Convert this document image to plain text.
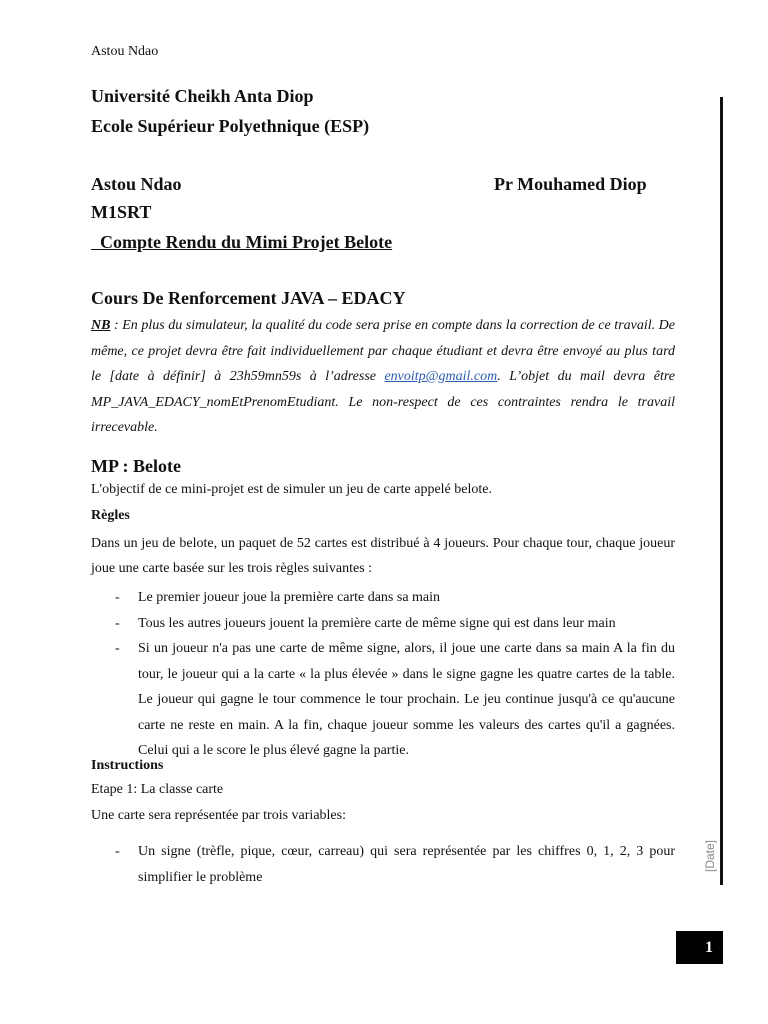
Astou Ndao
Université Cheikh Anta Diop
Ecole Supérieur Polyethnique (ESP)
Astou Ndao	Pr Mouhamed Diop
M1SRT
Compte Rendu du Mimi Projet Belote
Cours De Renforcement JAVA – EDACY
NB : En plus du simulateur, la qualité du code sera prise en compte dans la correction de ce travail. De même, ce projet devra être fait individuellement par chaque étudiant et devra être envoyé au plus tard le [date à définir] à 23h59mn59s à l’adresse envoitp@gmail.com. L’objet du mail devra être MP_JAVA_EDACY_nomEtPrenomEtudiant. Le non-respect de ces contraintes rendra le travail irrecevable.
MP : Belote
L'objectif de ce mini-projet est de simuler un jeu de carte appelé belote.
Règles
Dans un jeu de belote, un paquet de 52 cartes est distribué à 4 joueurs. Pour chaque tour, chaque joueur joue une carte basée sur les trois règles suivantes :
- Le premier joueur joue la première carte dans sa main
- Tous les autres joueurs jouent la première carte de même signe qui est dans leur main
- Si un joueur n'a pas une carte de même signe, alors, il joue une carte dans sa main A la fin du tour, le joueur qui a la carte « la plus élevée » dans le signe gagne les quatre cartes de la table. Le joueur qui gagne le tour commence le tour prochain. Le jeu continue jusqu'à ce qu'aucune carte ne reste en main. A la fin, chaque joueur somme les valeurs des cartes qu'il a gagnées. Celui qui a le score le plus élevé gagne la partie.
Instructions
Etape 1: La classe carte
Une carte sera représentée par trois variables:
- Un signe (trèfle, pique, cœur, carreau) qui sera représentée par les chiffres 0, 1, 2, 3 pour simplifier le problème
[Date]
1
